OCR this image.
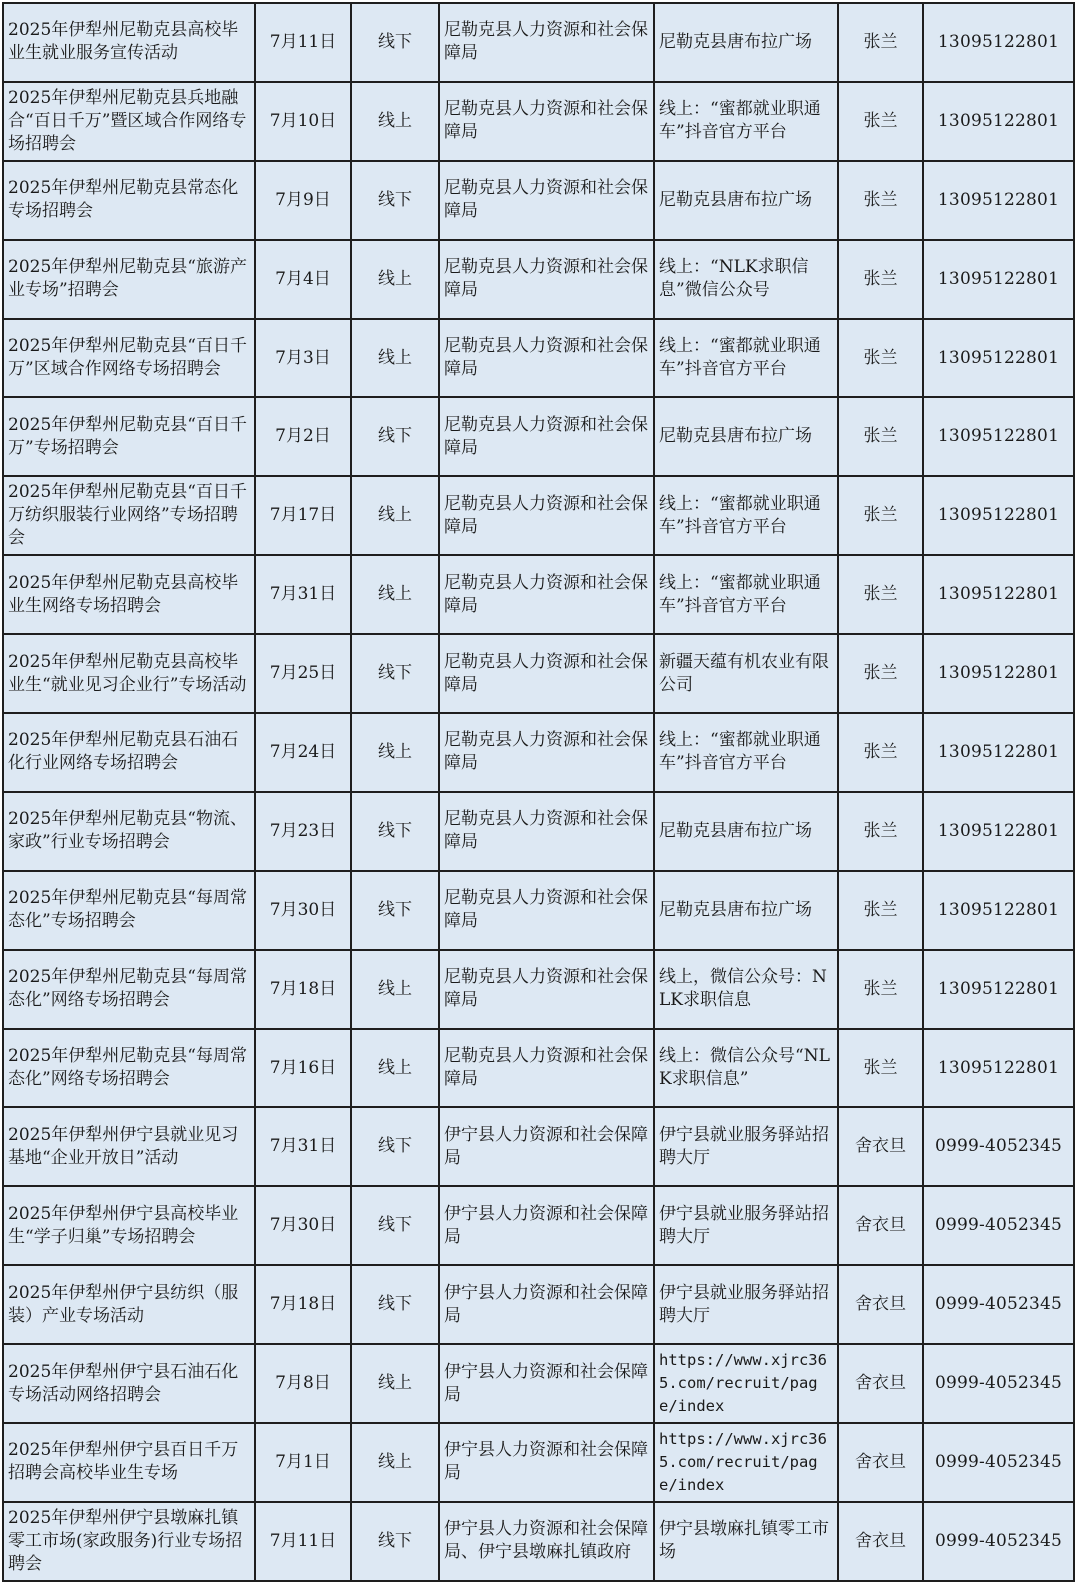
2025年伊犁州尼勒克县高校毕业生就业服务宣传活动	7月11日	线下	尼勒克县人力资源和社会保障局	尼勒克县唐布拉广场	张兰	13095122801
2025年伊犁州尼勒克县兵地融合“百日千万”暨区域合作网络专场招聘会	7月10日	线上	尼勒克县人力资源和社会保障局	线上：“蜜都就业职通车”抖音官方平台	张兰	13095122801
2025年伊犁州尼勒克县常态化专场招聘会	7月9日	线下	尼勒克县人力资源和社会保障局	尼勒克县唐布拉广场	张兰	13095122801
2025年伊犁州尼勒克县“旅游产业专场”招聘会	7月4日	线上	尼勒克县人力资源和社会保障局	线上：“NLK求职信息”微信公众号	张兰	13095122801
2025年伊犁州尼勒克县“百日千万”区域合作网络专场招聘会	7月3日	线上	尼勒克县人力资源和社会保障局	线上：“蜜都就业职通车”抖音官方平台	张兰	13095122801
2025年伊犁州尼勒克县“百日千万”专场招聘会	7月2日	线下	尼勒克县人力资源和社会保障局	尼勒克县唐布拉广场	张兰	13095122801
2025年伊犁州尼勒克县“百日千万纺织服装行业网络”专场招聘会	7月17日	线上	尼勒克县人力资源和社会保障局	线上：“蜜都就业职通车”抖音官方平台	张兰	13095122801
2025年伊犁州尼勒克县高校毕业生网络专场招聘会	7月31日	线上	尼勒克县人力资源和社会保障局	线上：“蜜都就业职通车”抖音官方平台	张兰	13095122801
2025年伊犁州尼勒克县高校毕业生“就业见习企业行”专场活动	7月25日	线下	尼勒克县人力资源和社会保障局	新疆天蕴有机农业有限公司	张兰	13095122801
2025年伊犁州尼勒克县石油石化行业网络专场招聘会	7月24日	线上	尼勒克县人力资源和社会保障局	线上：“蜜都就业职通车”抖音官方平台	张兰	13095122801
2025年伊犁州尼勒克县“物流、家政”行业专场招聘会	7月23日	线下	尼勒克县人力资源和社会保障局	尼勒克县唐布拉广场	张兰	13095122801
2025年伊犁州尼勒克县“每周常态化”专场招聘会	7月30日	线下	尼勒克县人力资源和社会保障局	尼勒克县唐布拉广场	张兰	13095122801
2025年伊犁州尼勒克县“每周常态化”网络专场招聘会	7月18日	线上	尼勒克县人力资源和社会保障局	线上，微信公众号：NLK求职信息	张兰	13095122801
2025年伊犁州尼勒克县“每周常态化”网络专场招聘会	7月16日	线上	尼勒克县人力资源和社会保障局	线上：微信公众号“NLK求职信息”	张兰	13095122801
2025年伊犁州伊宁县就业见习基地“企业开放日”活动	7月31日	线下	伊宁县人力资源和社会保障局	伊宁县就业服务驿站招聘大厅	舍衣旦	0999-4052345
2025年伊犁州伊宁县高校毕业生“学子归巢”专场招聘会	7月30日	线下	伊宁县人力资源和社会保障局	伊宁县就业服务驿站招聘大厅	舍衣旦	0999-4052345
2025年伊犁州伊宁县纺织（服装）产业专场活动	7月18日	线下	伊宁县人力资源和社会保障局	伊宁县就业服务驿站招聘大厅	舍衣旦	0999-4052345
2025年伊犁州伊宁县石油石化专场活动网络招聘会	7月8日	线上	伊宁县人力资源和社会保障局	https://www.xjrc365.com/recruit/page/index	舍衣旦	0999-4052345
2025年伊犁州伊宁县百日千万招聘会高校毕业生专场	7月1日	线上	伊宁县人力资源和社会保障局	https://www.xjrc365.com/recruit/page/index	舍衣旦	0999-4052345
2025年伊犁州伊宁县墩麻扎镇零工市场(家政服务)行业专场招聘会	7月11日	线下	伊宁县人力资源和社会保障局、伊宁县墩麻扎镇政府	伊宁县墩麻扎镇零工市场	舍衣旦	0999-4052345
